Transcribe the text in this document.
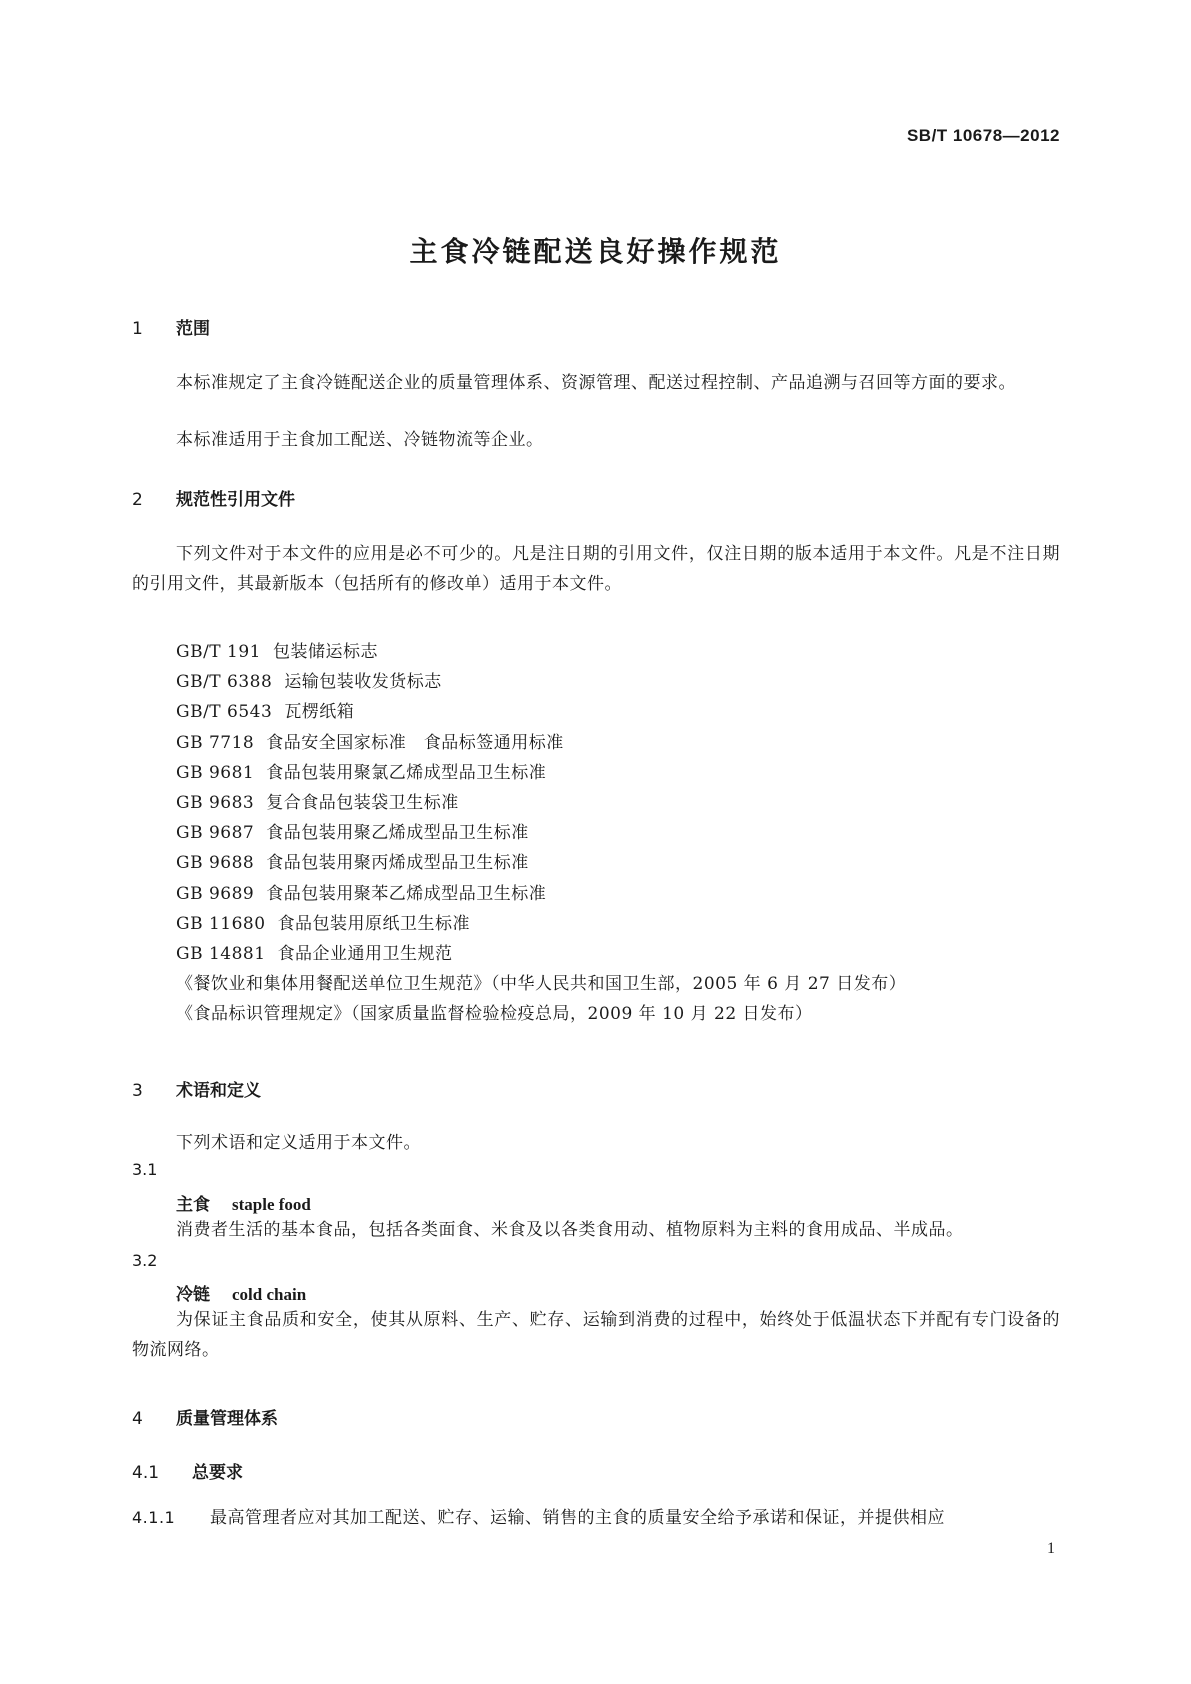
SB/T 10678—2012
主食冷链配送良好操作规范
1 范围

本标准规定了主食冷链配送企业的质量管理体系、资源管理、配送过程控制、产品追溯与召回等方面的要求。

本标准适用于主食加工配送、冷链物流等企业。

2 规范性引用文件

下列文件对于本文件的应用是必不可少的。凡是注日期的引用文件，仅注日期的版本适用于本文件。凡是不注日期的引用文件，其最新版本（包括所有的修改单）适用于本文件。

GB/T 191 包装储运标志
GB/T 6388 运输包装收发货标志
GB/T 6543 瓦楞纸箱
GB 7718 食品安全国家标准　食品标签通用标准
GB 9681 食品包装用聚氯乙烯成型品卫生标准
GB 9683 复合食品包装袋卫生标准
GB 9687 食品包装用聚乙烯成型品卫生标准
GB 9688 食品包装用聚丙烯成型品卫生标准
GB 9689 食品包装用聚苯乙烯成型品卫生标准
GB 11680 食品包装用原纸卫生标准
GB 14881 食品企业通用卫生规范
《餐饮业和集体用餐配送单位卫生规范》（中华人民共和国卫生部，2005 年 6 月 27 日发布）
《食品标识管理规定》（国家质量监督检验检疫总局，2009 年 10 月 22 日发布）
3 术语和定义

下列术语和定义适用于本文件。

3.1
主食 staple food

消费者生活的基本食品，包括各类面食、米食及以各类食用动、植物原料为主料的食用成品、半成品。

3.2
冷链 cold chain

为保证主食品质和安全，使其从原料、生产、贮存、运输到消费的过程中，始终处于低温状态下并配有专门设备的物流网络。

4 质量管理体系
4.1 总要求
4.1.1 最高管理者应对其加工配送、贮存、运输、销售的主食的质量安全给予承诺和保证，并提供相应
1
